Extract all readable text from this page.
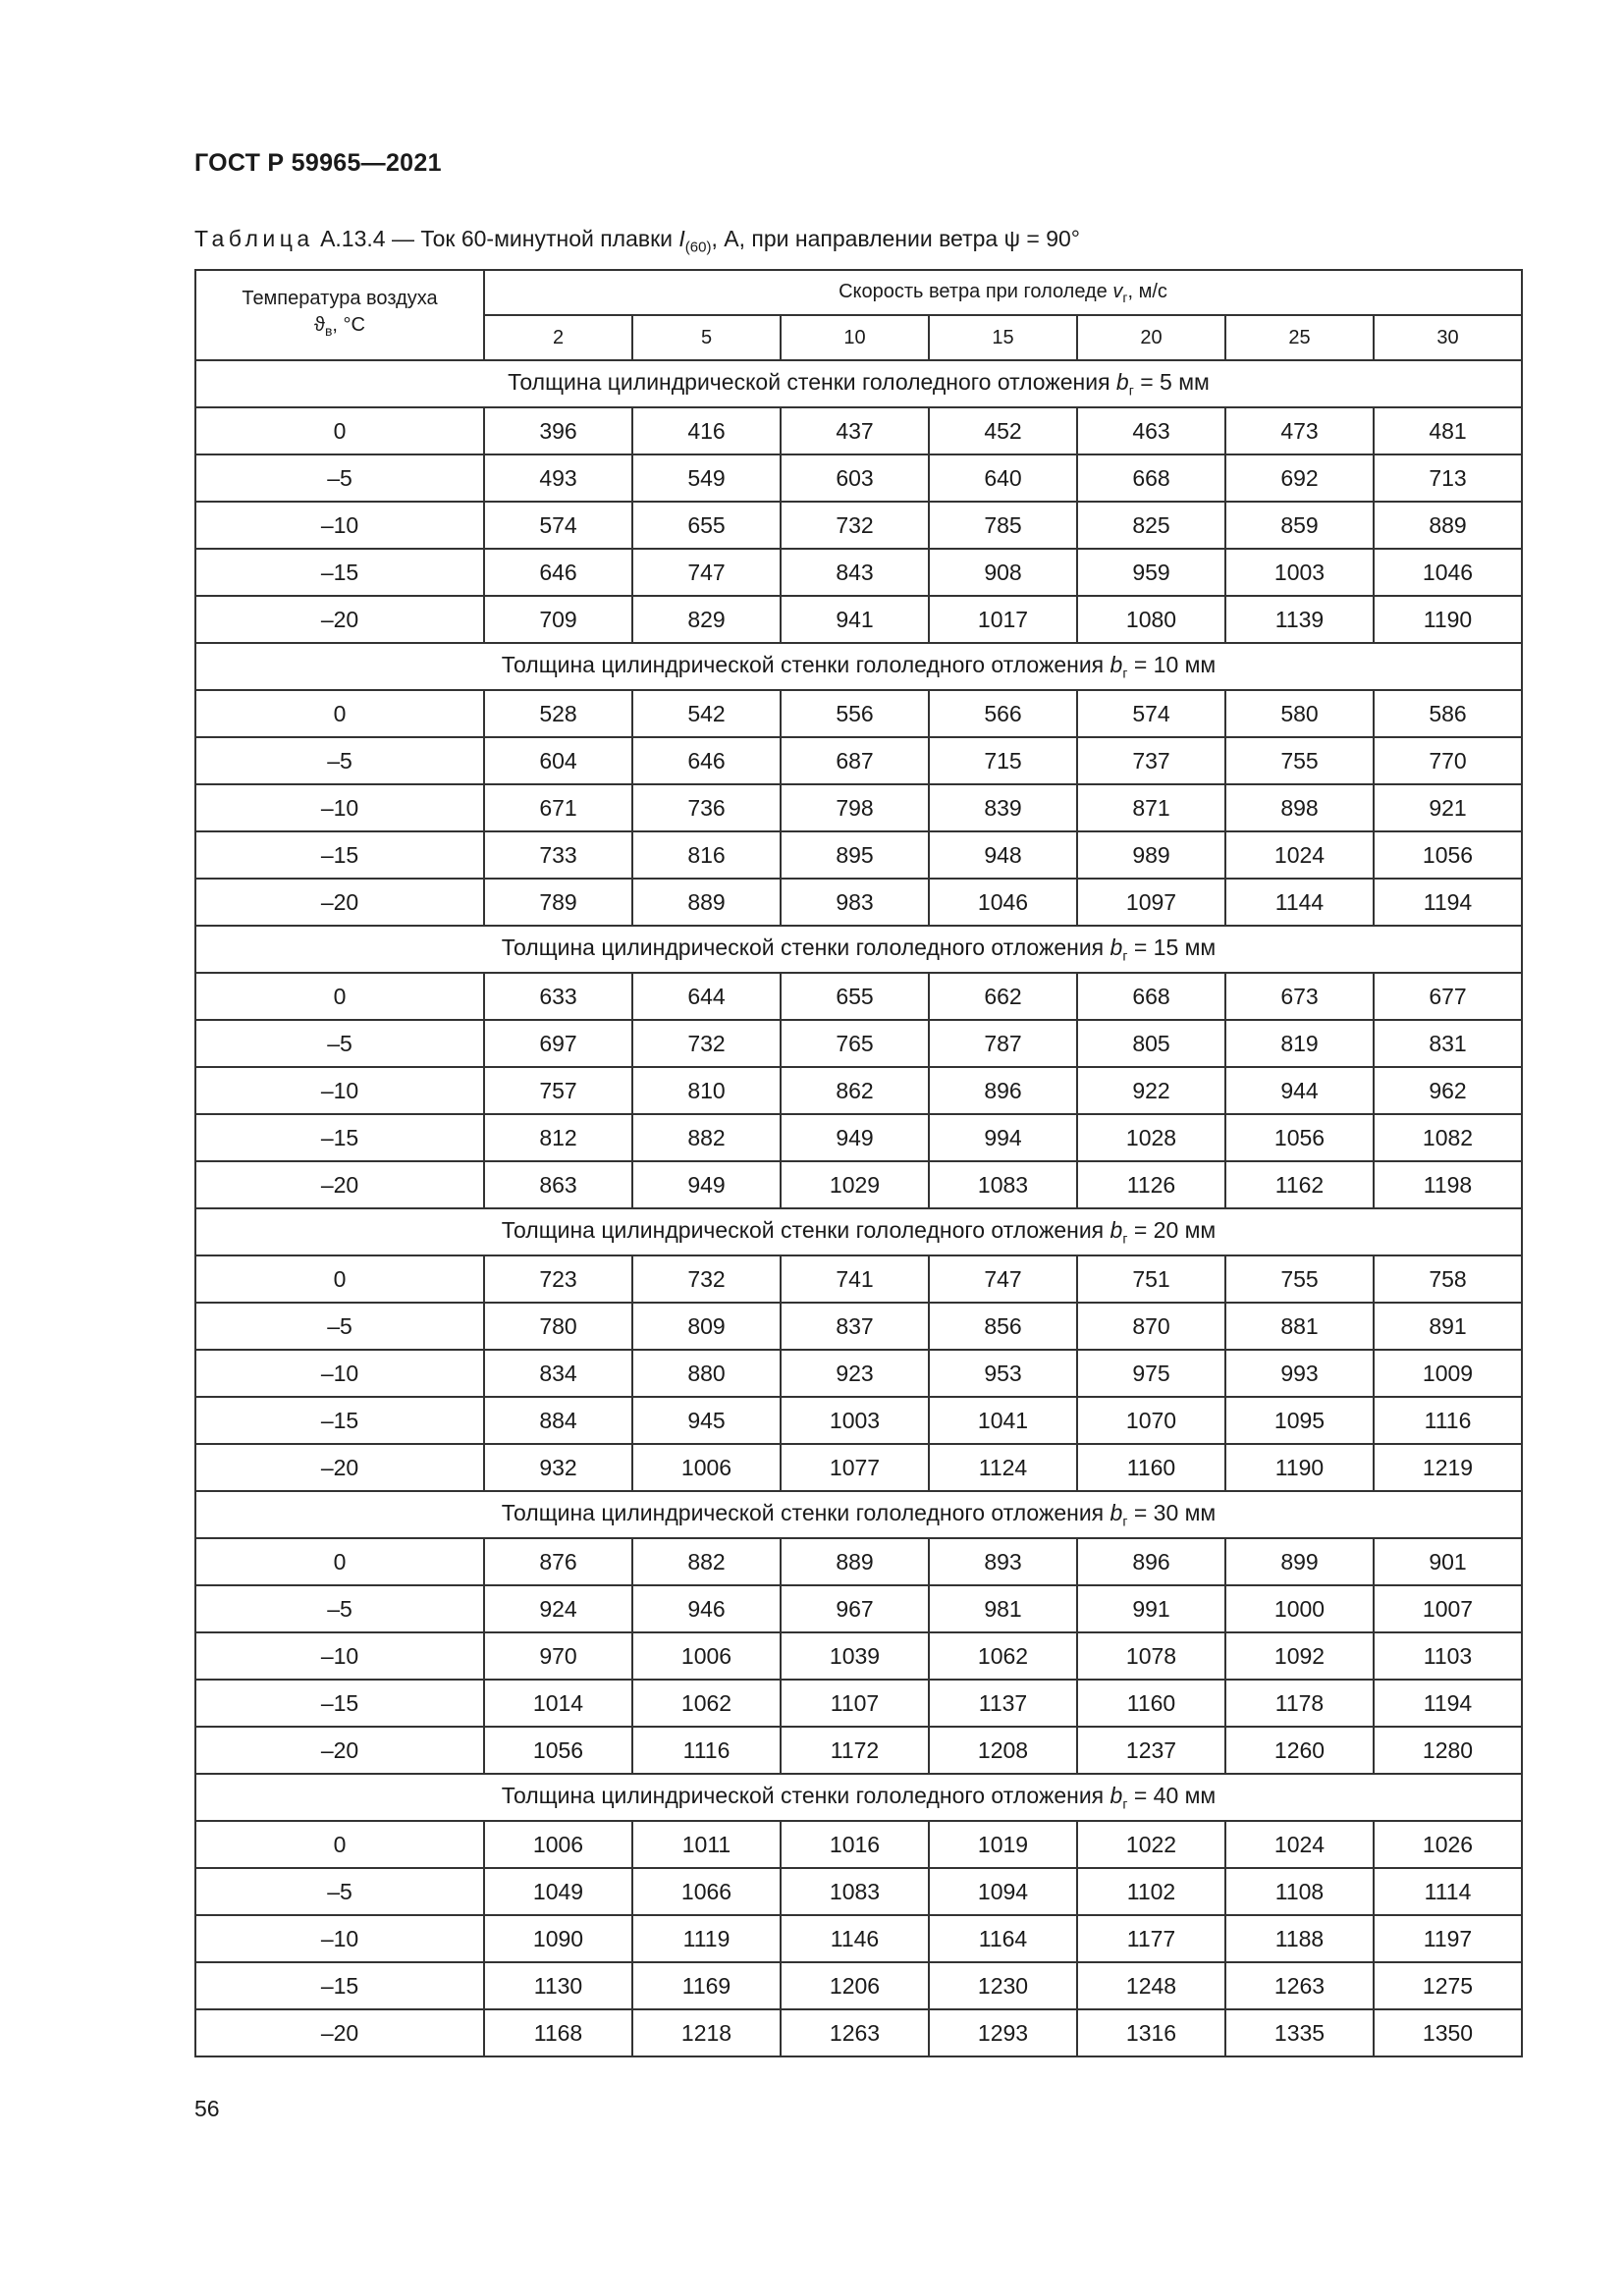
ГОСТ Р 59965—2021
Таблица А.13.4 — Ток 60-минутной плавки $I_{(60)}$, А, при направлении ветра ψ = 90°
Температура воздуха
$ϑ_в$, °С	Скорость ветра при гололеде $v_г$, м/с						
	2	5	10	15	20	25	30
Толщина цилиндрической стенки гололедного отложения $b_г = 5$ мм							
0	396	416	437	452	463	473	481
–5	493	549	603	640	668	692	713
–10	574	655	732	785	825	859	889
–15	646	747	843	908	959	1003	1046
–20	709	829	941	1017	1080	1139	1190
Толщина цилиндрической стенки гололедного отложения $b_г = 10$ мм							
0	528	542	556	566	574	580	586
–5	604	646	687	715	737	755	770
–10	671	736	798	839	871	898	921
–15	733	816	895	948	989	1024	1056
–20	789	889	983	1046	1097	1144	1194
Толщина цилиндрической стенки гололедного отложения $b_г = 15$ мм							
0	633	644	655	662	668	673	677
–5	697	732	765	787	805	819	831
–10	757	810	862	896	922	944	962
–15	812	882	949	994	1028	1056	1082
–20	863	949	1029	1083	1126	1162	1198
Толщина цилиндрической стенки гололедного отложения $b_г = 20$ мм							
0	723	732	741	747	751	755	758
–5	780	809	837	856	870	881	891
–10	834	880	923	953	975	993	1009
–15	884	945	1003	1041	1070	1095	1116
–20	932	1006	1077	1124	1160	1190	1219
Толщина цилиндрической стенки гололедного отложения $b_г = 30$ мм							
0	876	882	889	893	896	899	901
–5	924	946	967	981	991	1000	1007
–10	970	1006	1039	1062	1078	1092	1103
–15	1014	1062	1107	1137	1160	1178	1194
–20	1056	1116	1172	1208	1237	1260	1280
Толщина цилиндрической стенки гололедного отложения $b_г = 40$ мм							
0	1006	1011	1016	1019	1022	1024	1026
–5	1049	1066	1083	1094	1102	1108	1114
–10	1090	1119	1146	1164	1177	1188	1197
–15	1130	1169	1206	1230	1248	1263	1275
–20	1168	1218	1263	1293	1316	1335	1350
56
